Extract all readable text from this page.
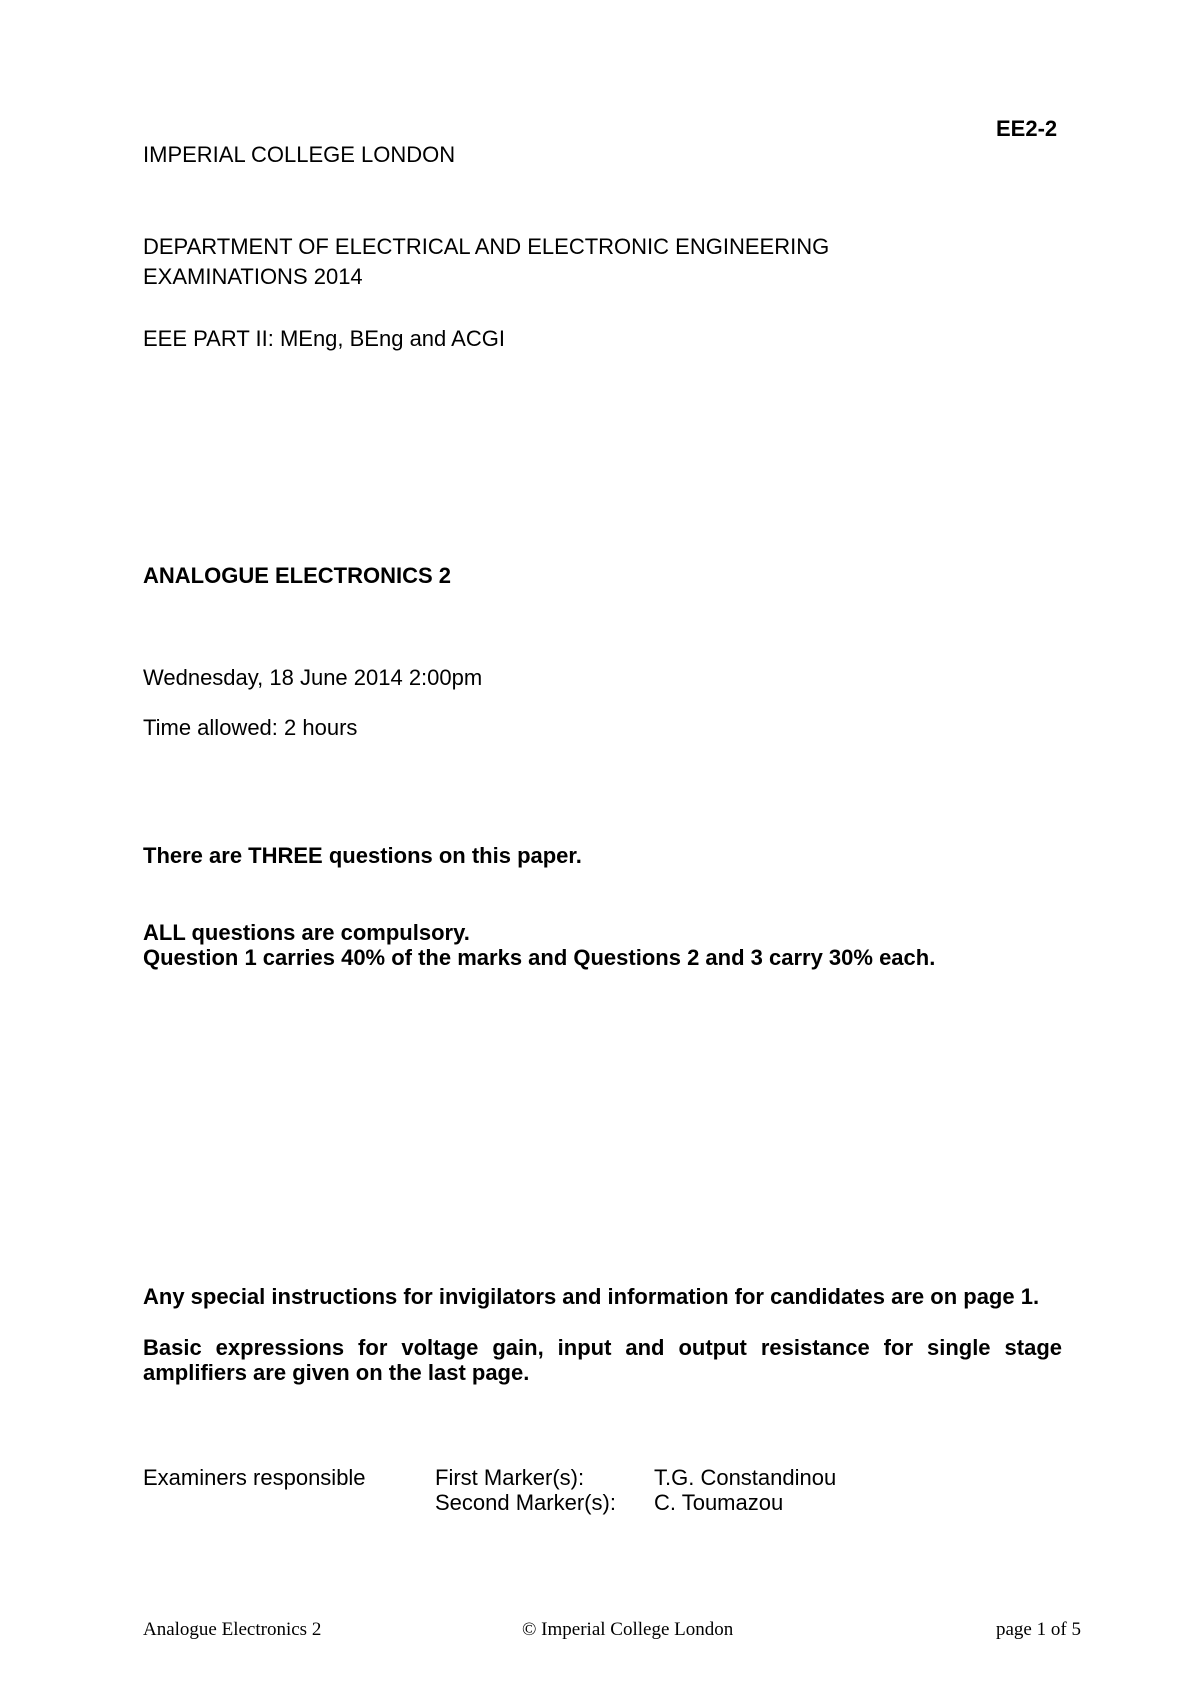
EE2-2

IMPERIAL COLLEGE LONDON

DEPARTMENT OF ELECTRICAL AND ELECTRONIC ENGINEERING

EXAMINATIONS 2014

EEE PART II: MEng, BEng and ACGI

ANALOGUE ELECTRONICS 2

Wednesday, 18 June 2014 2:00pm

Time allowed: 2 hours

There are THREE questions on this paper.

ALL questions are compulsory.

Question 1 carries 40% of the marks and Questions 2 and 3 carry 30% each.

Any special instructions for invigilators and information for candidates are on page 1.

Basic expressions for voltage gain, input and output resistance for single stage

amplifiers are given on the last page.

Examiners responsible	First Marker(s):	T.G. Constandinou

Second Marker(s): C. Toumazou

Analogue Electronics 2	© Imperial College London	page 1 of 5
